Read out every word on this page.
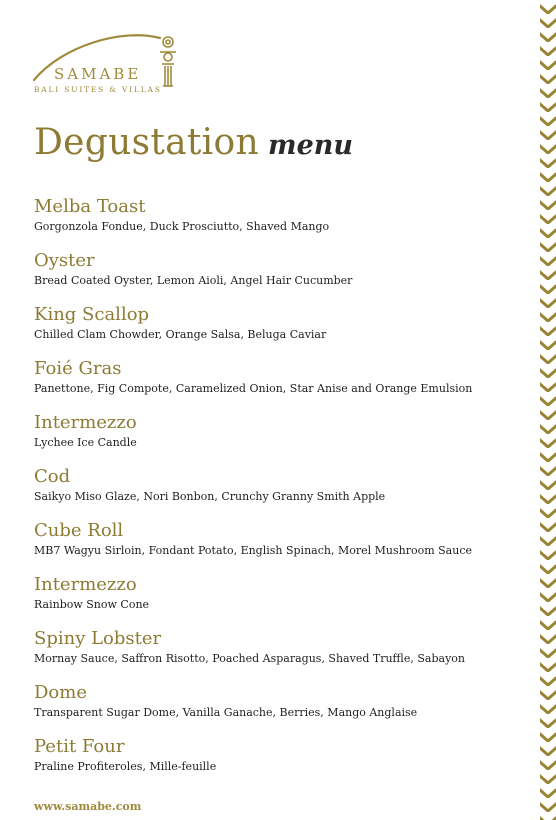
SAMABE
BALI SUITES & VILLAS
Degustation menu
Melba Toast
Gorgonzola Fondue, Duck Prosciutto, Shaved Mango
Oyster
Bread Coated Oyster, Lemon Aioli, Angel Hair Cucumber
King Scallop
Chilled Clam Chowder, Orange Salsa, Beluga Caviar
Foié Gras
Panettone, Fig Compote, Caramelized Onion, Star Anise and Orange Emulsion
Intermezzo
Lychee Ice Candle
Cod
Saikyo Miso Glaze, Nori Bonbon, Crunchy Granny Smith Apple
Cube Roll
MB7 Wagyu Sirloin, Fondant Potato, English Spinach, Morel Mushroom Sauce
Intermezzo
Rainbow Snow Cone
Spiny Lobster
Mornay Sauce, Saffron Risotto, Poached Asparagus, Shaved Truffle, Sabayon
Dome
Transparent Sugar Dome, Vanilla Ganache, Berries, Mango Anglaise
Petit Four
Praline Profiteroles, Mille-feuille
www.samabe.com
